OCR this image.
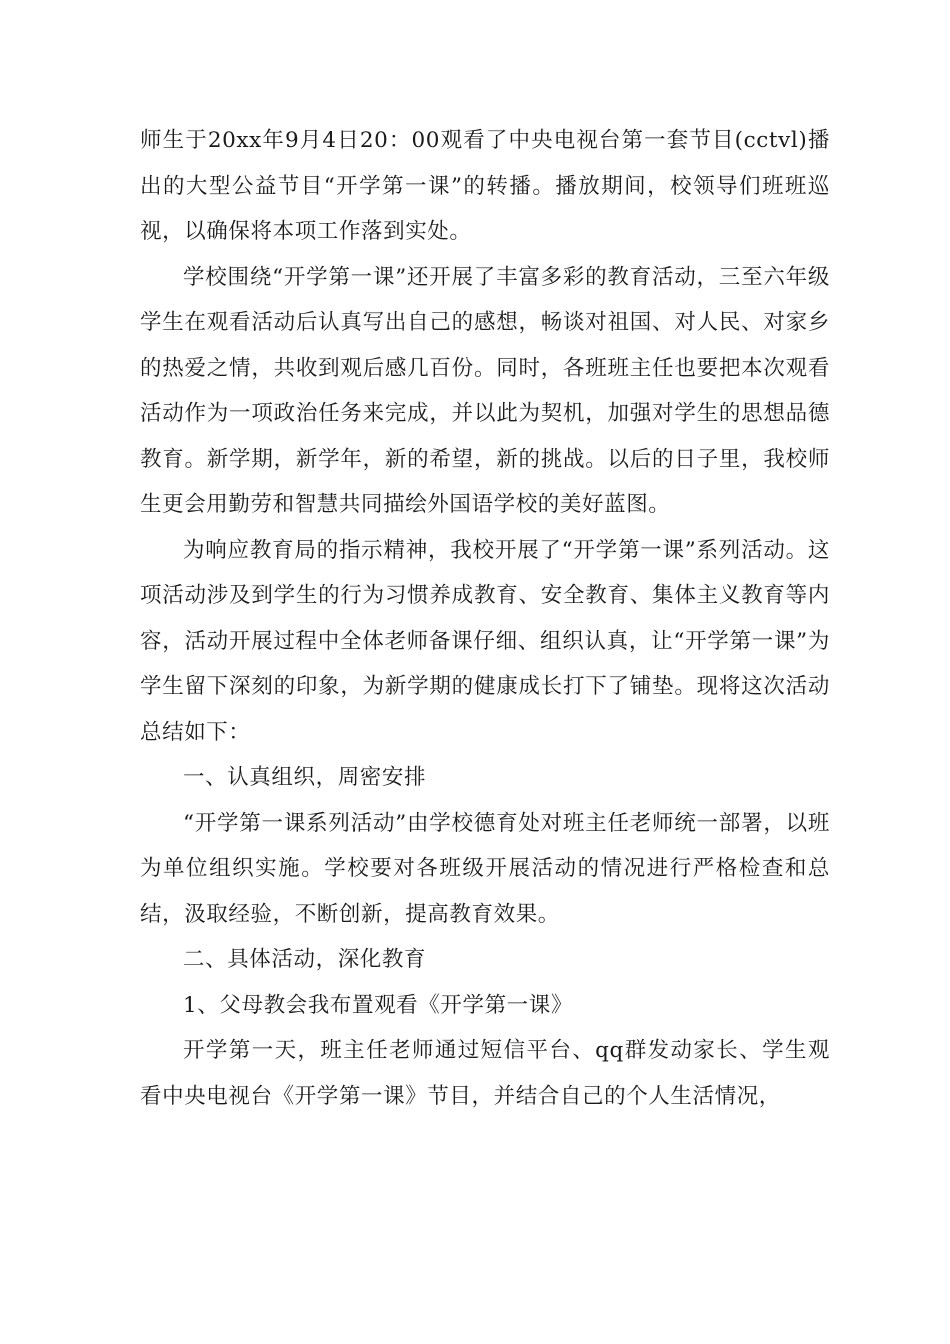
师生于20xx年9月4日20：00观看了中央电视台第一套节目(cctvl)播出的大型公益节目“开学第一课”的转播。播放期间，校领导们班班巡视，以确保将本项工作落到实处。

学校围绕“开学第一课”还开展了丰富多彩的教育活动，三至六年级学生在观看活动后认真写出自己的感想，畅谈对祖国、对人民、对家乡的热爱之情，共收到观后感几百份。同时，各班班主任也要把本次观看活动作为一项政治任务来完成，并以此为契机，加强对学生的思想品德教育。新学期，新学年，新的希望，新的挑战。以后的日子里，我校师生更会用勤劳和智慧共同描绘外国语学校的美好蓝图。

为响应教育局的指示精神，我校开展了“开学第一课”系列活动。这项活动涉及到学生的行为习惯养成教育、安全教育、集体主义教育等内容，活动开展过程中全体老师备课仔细、组织认真，让“开学第一课”为学生留下深刻的印象，为新学期的健康成长打下了铺垫。现将这次活动总结如下：

一、认真组织，周密安排

“开学第一课系列活动”由学校德育处对班主任老师统一部署，以班为单位组织实施。学校要对各班级开展活动的情况进行严格检查和总结，汲取经验，不断创新，提高教育效果。

二、具体活动，深化教育

1、父母教会我布置观看《开学第一课》

开学第一天，班主任老师通过短信平台、qq群发动家长、学生观看中央电视台《开学第一课》节目，并结合自己的个人生活情况，
